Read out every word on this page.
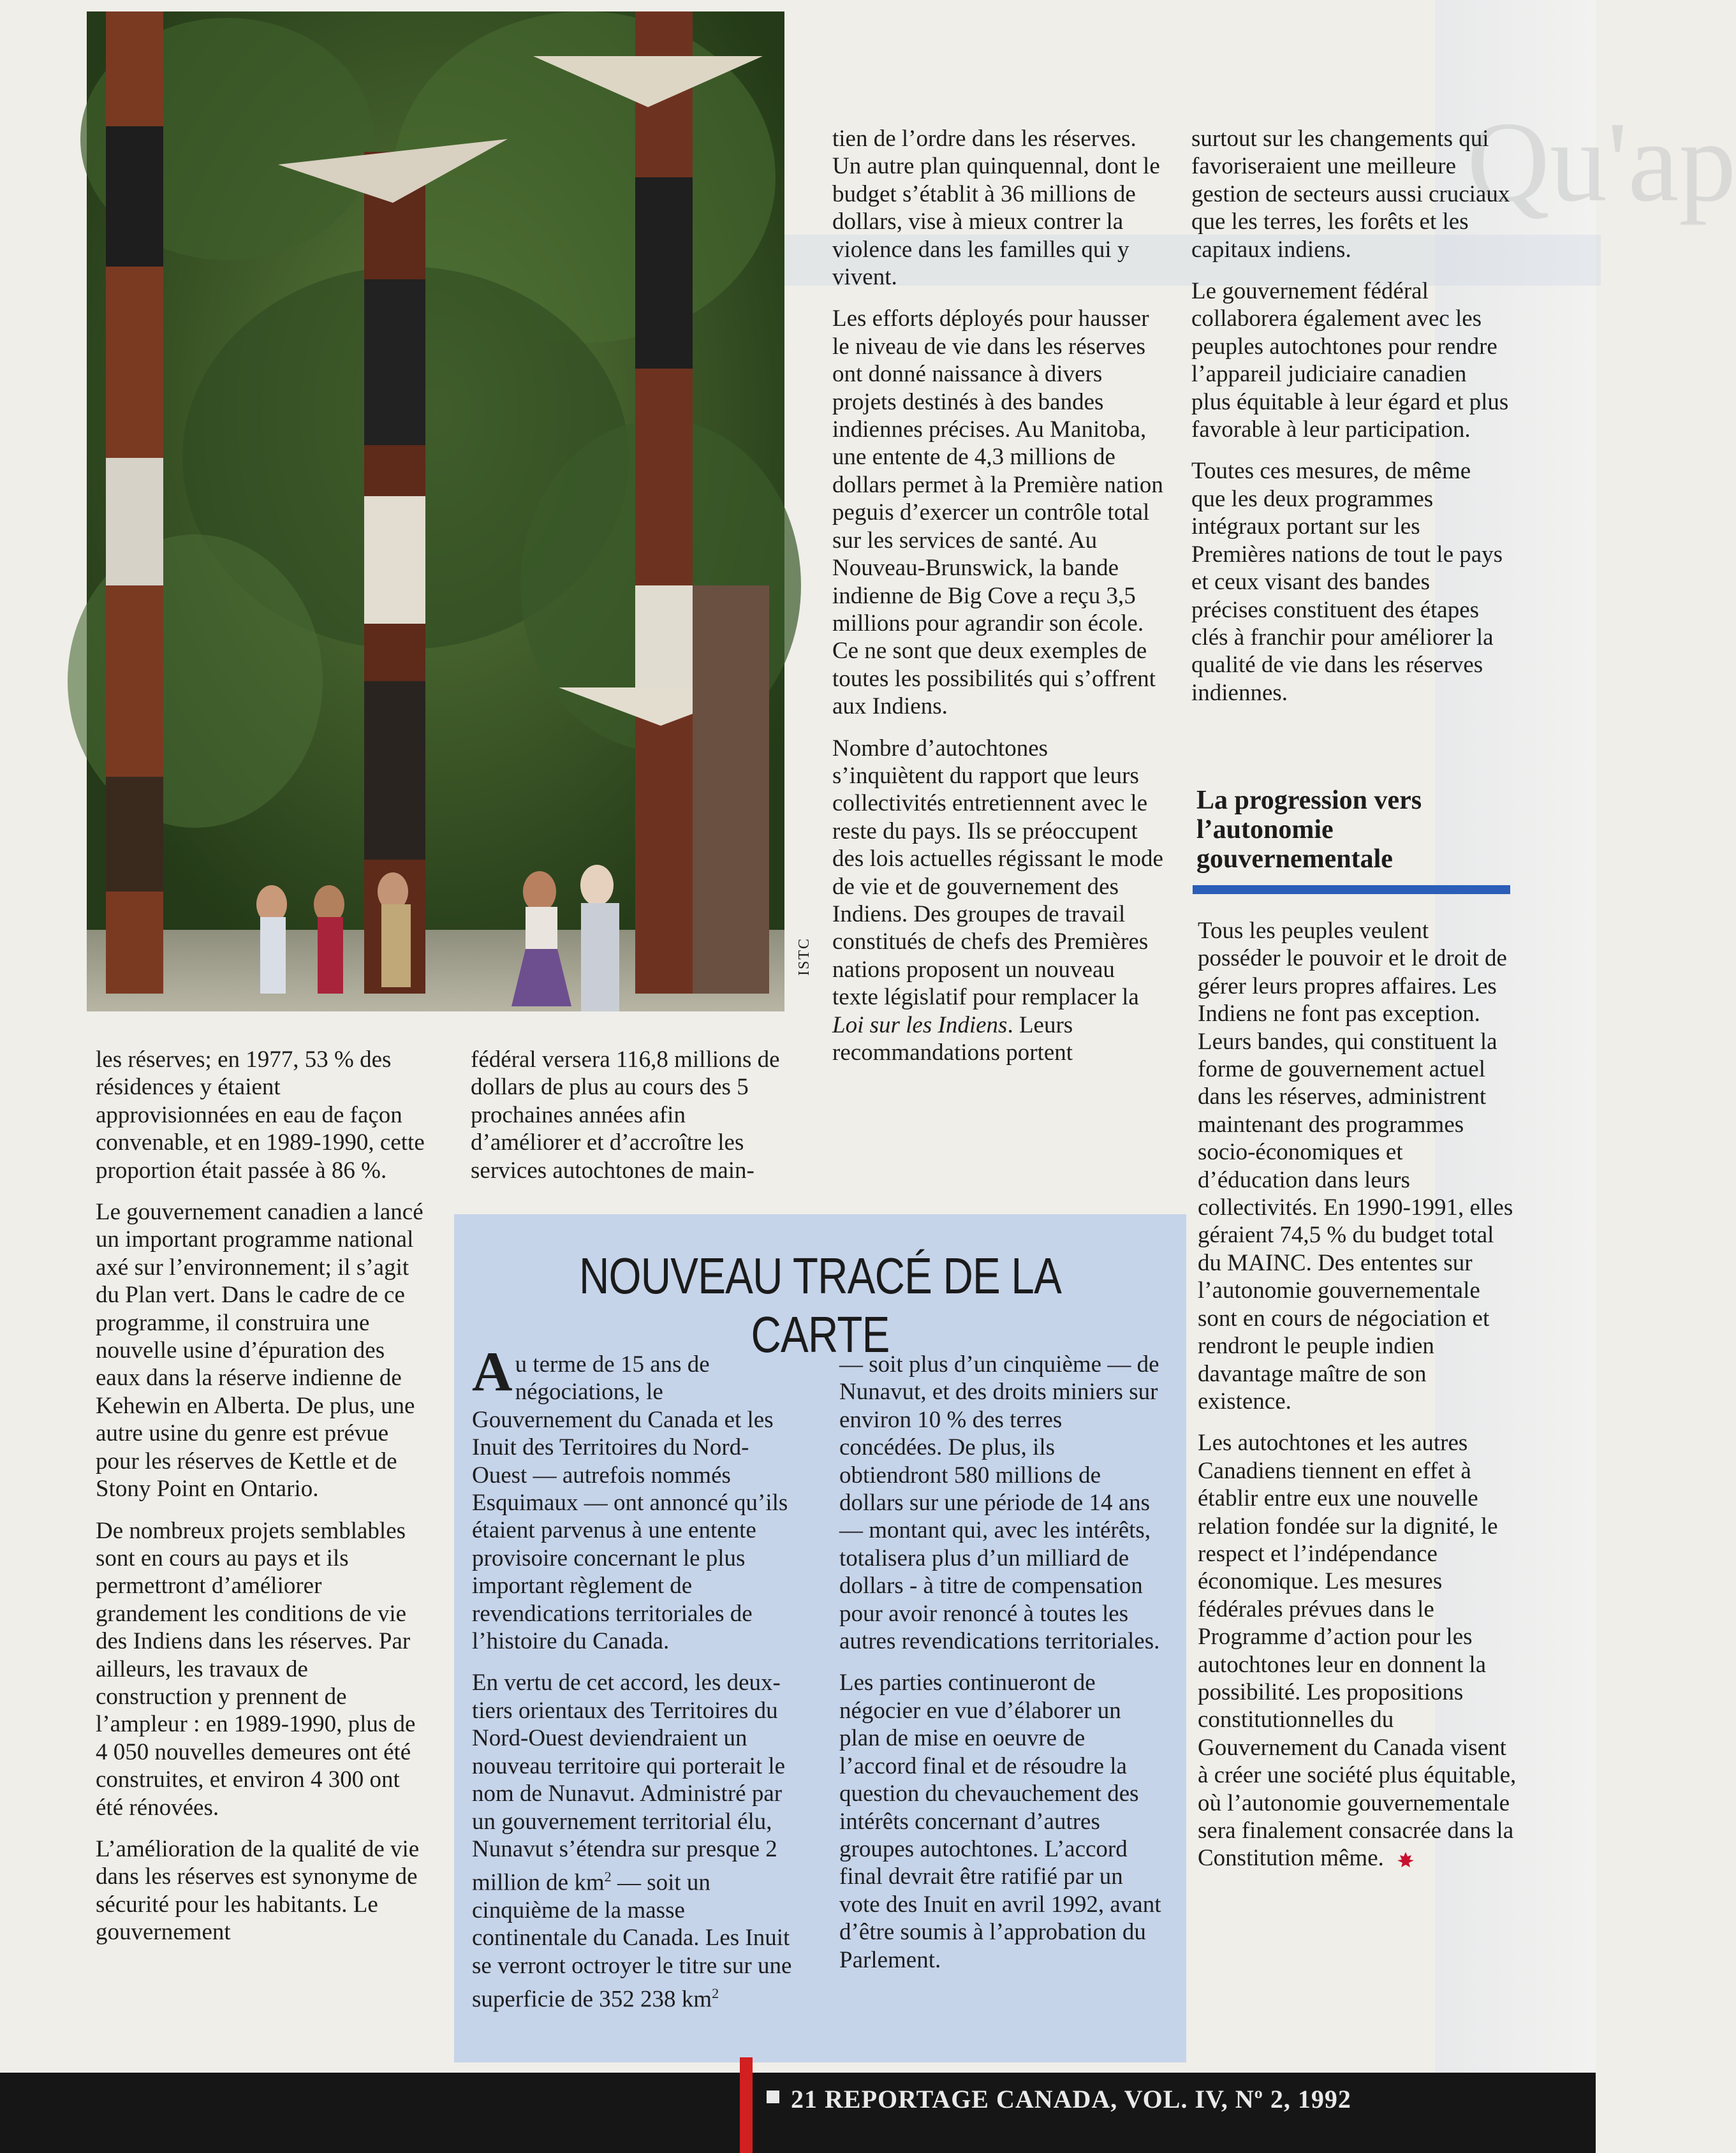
Qu'ap
ISTC

les réserves; en 1977, 53 % des résidences y étaient approvisionnées en eau de façon convenable, et en 1989-1990, cette proportion était passée à 86 %.

Le gouvernement canadien a lancé un important programme national axé sur l’environnement; il s’agit du Plan vert. Dans le cadre de ce programme, il construira une nouvelle usine d’épuration des eaux dans la réserve indienne de Kehewin en Alberta. De plus, une autre usine du genre est prévue pour les réserves de Kettle et de Stony Point en Ontario.

De nombreux projets semblables sont en cours au pays et ils permettront d’améliorer grandement les conditions de vie des Indiens dans les réserves. Par ailleurs, les travaux de construction y prennent de l’ampleur : en 1989-1990, plus de 4 050 nouvelles demeures ont été construites, et environ 4 300 ont été rénovées.

L’amélioration de la qualité de vie dans les réserves est synonyme de sécurité pour les habitants. Le gouvernement

fédéral versera 116,8 millions de dollars de plus au cours des 5 prochaines années afin d’améliorer et d’accroître les services autochtones de main-

tien de l’ordre dans les réserves. Un autre plan quinquennal, dont le budget s’établit à 36 millions de dollars, vise à mieux contrer la violence dans les familles qui y vivent.

Les efforts déployés pour hausser le niveau de vie dans les réserves ont donné naissance à divers projets destinés à des bandes indiennes précises. Au Manitoba, une entente de 4,3 millions de dollars permet à la Première nation peguis d’exercer un contrôle total sur les services de santé. Au Nouveau-Brunswick, la bande indienne de Big Cove a reçu 3,5 millions pour agrandir son école. Ce ne sont que deux exemples de toutes les possibilités qui s’offrent aux Indiens.

Nombre d’autochtones s’inquiètent du rapport que leurs collectivités entretiennent avec le reste du pays. Ils se préoccupent des lois actuelles régissant le mode de vie et de gouvernement des Indiens. Des groupes de travail constitués de chefs des Premières nations proposent un nouveau texte législatif pour remplacer la Loi sur les Indiens. Leurs recommandations portent

surtout sur les changements qui favoriseraient une meilleure gestion de secteurs aussi cruciaux que les terres, les forêts et les capitaux indiens.

Le gouvernement fédéral collaborera également avec les peuples autochtones pour rendre l’appareil judiciaire canadien plus équitable à leur égard et plus favorable à leur participation.

Toutes ces mesures, de même que les deux programmes intégraux portant sur les Premières nations de tout le pays et ceux visant des bandes précises constituent des étapes clés à franchir pour améliorer la qualité de vie dans les réserves indiennes.

La progression vers l’autonomie gouvernementale

Tous les peuples veulent posséder le pouvoir et le droit de gérer leurs propres affaires. Les Indiens ne font pas exception. Leurs bandes, qui constituent la forme de gouvernement actuel dans les réserves, administrent maintenant des programmes socio-économiques et d’éducation dans leurs collectivités. En 1990-1991, elles géraient 74,5 % du budget total du MAINC. Des ententes sur l’autonomie gouvernementale sont en cours de négociation et rendront le peuple indien davantage maître de son existence.

Les autochtones et les autres Canadiens tiennent en effet à établir entre eux une nouvelle relation fondée sur la dignité, le respect et l’indépendance économique. Les mesures fédérales prévues dans le Programme d’action pour les autochtones leur en donnent la possibilité. Les propositions constitutionnelles du Gouvernement du Canada visent à créer une société plus équitable, où l’autonomie gouvernementale sera finalement consacrée dans la Constitution même.

NOUVEAU TRACÉ DE LA CARTE

Au terme de 15 ans de négociations, le Gouvernement du Canada et les Inuit des Territoires du Nord-Ouest — autrefois nommés Esquimaux — ont annoncé qu’ils étaient parvenus à une entente provisoire concernant le plus important règlement de revendications territoriales de l’histoire du Canada.

En vertu de cet accord, les deux-tiers orientaux des Territoires du Nord-Ouest deviendraient un nouveau territoire qui porterait le nom de Nunavut. Administré par un gouvernement territorial élu, Nunavut s’étendra sur presque 2 million de $km^2$ — soit un cinquième de la masse continentale du Canada. Les Inuit se verront octroyer le titre sur une superficie de 352 238 $km^2$

— soit plus d’un cinquième — de Nunavut, et des droits miniers sur environ 10 % des terres concédées. De plus, ils obtiendront 580 millions de dollars sur une période de 14 ans — montant qui, avec les intérêts, totalisera plus d’un milliard de dollars - à titre de compensation pour avoir renoncé à toutes les autres revendications territoriales.

Les parties continueront de négocier en vue d’élaborer un plan de mise en oeuvre de l’accord final et de résoudre la question du chevauchement des intérêts concernant d’autres groupes autochtones. L’accord final devrait être ratifié par un vote des Inuit en avril 1992, avant d’être soumis à l’approbation du Parlement.

21 REPORTAGE CANADA, VOL. IV, Nº 2, 1992
